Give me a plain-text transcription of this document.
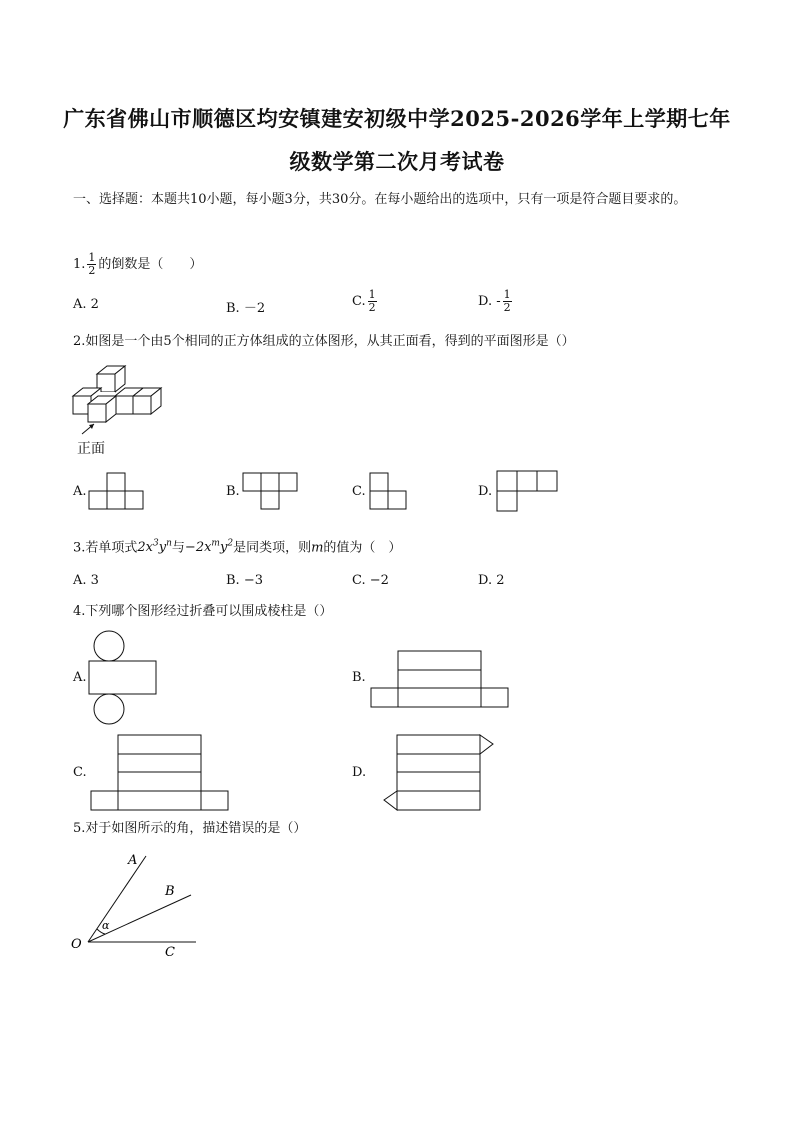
广东省佛山市顺德区均安镇建安初级中学2025-2026学年上学期七年
级数学第二次月考试卷
一、选择题：本题共10小题，每小题3分，共30分。在每小题给出的选项中，只有一项是符合题目要求的。
1. $\frac{1}{2}$ 的倒数是（　　）
A. 2	B. －2	C. $\frac{1}{2}$	D. - $\frac{1}{2}$
2.如图是一个由5个相同的正方体组成的立体图形，从其正面看，得到的平面图形是（）
正面
A.	B.	C.	D.
3.若单项式$2x^3y^n$与$-2x^my^2$是同类项，则m的值为（　）
A. 3	B. −3	C. −2	D. 2
4.下列哪个图形经过折叠可以围成棱柱是（）
A.	B.
C.	D.
5.对于如图所示的角，描述错误的是（）
A
B
C
O
α
